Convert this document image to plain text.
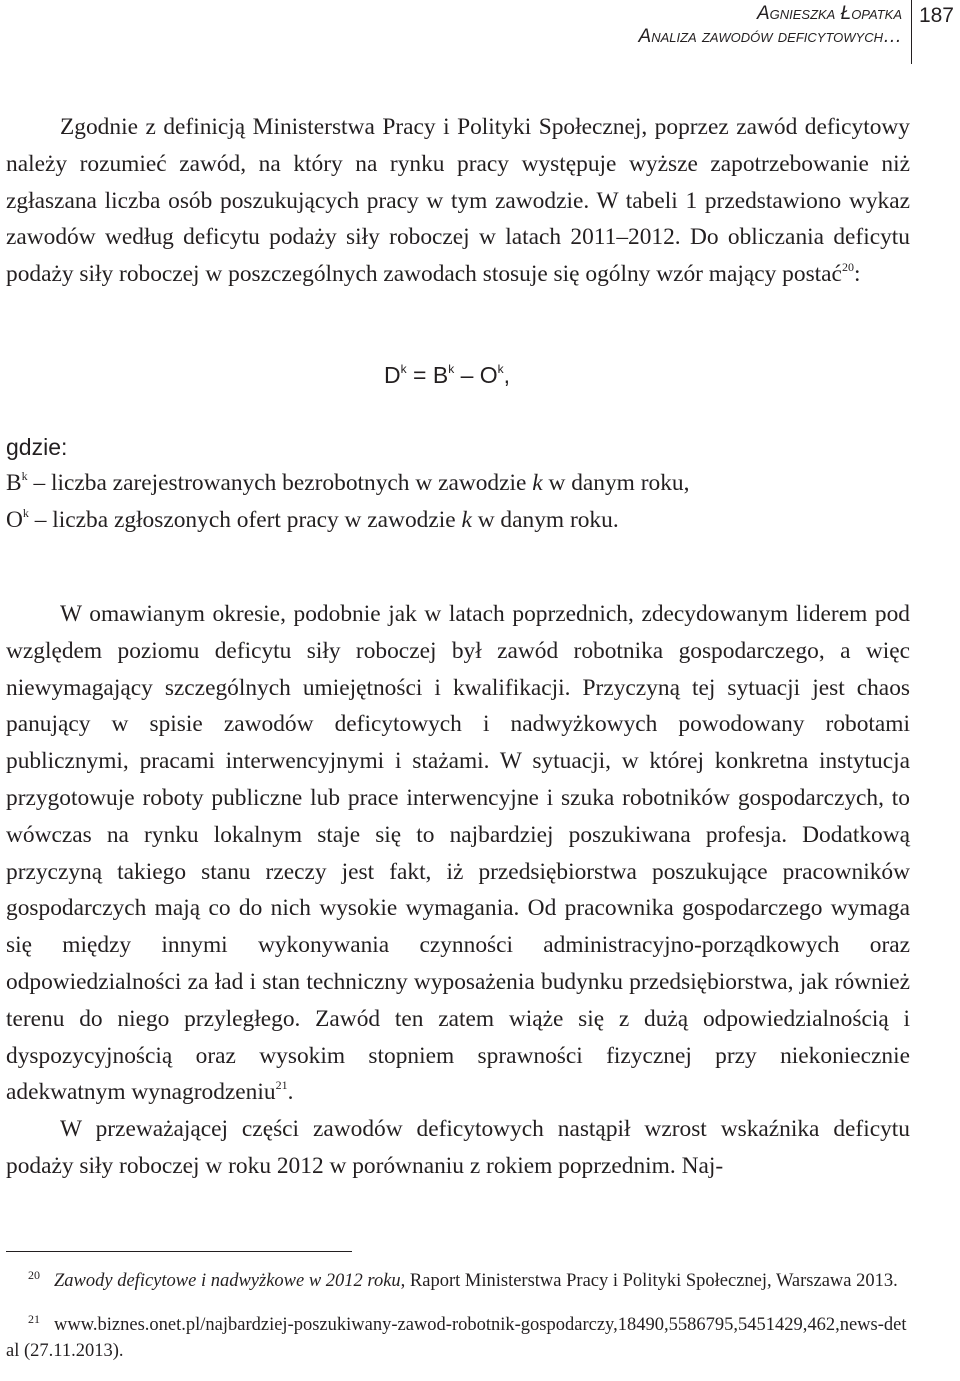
Agnieszka Łopatka
Analiza zawodów deficytowych…
187

Zgodnie z definicją Ministerstwa Pracy i Polityki Społecznej, poprzez zawód deficytowy należy rozumieć zawód, na który na rynku pracy występuje wyższe zapotrzebowanie niż zgłaszana liczba osób poszukujących pracy w tym zawodzie. W tabeli 1 przedstawiono wykaz zawodów według deficytu podaży siły roboczej w latach 2011–2012. Do obliczania deficytu podaży siły roboczej w poszczególnych zawodach stosuje się ogólny wzór mający postać$^{20}$:

$D^k = B^k - O^k$,
gdzie:
$B^k$ – liczba zarejestrowanych bezrobotnych w zawodzie k w danym roku,
$O^k$ – liczba zgłoszonych ofert pracy w zawodzie k w danym roku.

W omawianym okresie, podobnie jak w latach poprzednich, zdecydowanym liderem pod względem poziomu deficytu siły roboczej był zawód robotnika gospodarczego, a więc niewymagający szczególnych umiejętności i kwalifikacji. Przyczyną tej sytuacji jest chaos panujący w spisie zawodów deficytowych i nadwyżkowych powodowany robotami publicznymi, pracami interwencyjnymi i stażami. W sytuacji, w której konkretna instytucja przygotowuje roboty publiczne lub prace interwencyjne i szuka robotników gospodarczych, to wówczas na rynku lokalnym staje się to najbardziej poszukiwana profesja. Dodatkową przyczyną takiego stanu rzeczy jest fakt, iż przedsiębiorstwa poszukujące pracowników gospodarczych mają co do nich wysokie wymagania. Od pracownika gospodarczego wymaga się między innymi wykonywania czynności administracyjno-porządkowych oraz odpowiedzialności za ład i stan techniczny wyposażenia budynku przedsiębiorstwa, jak również terenu do niego przyległego. Zawód ten zatem wiąże się z dużą odpowiedzialnością i dyspozycyjnością oraz wysokim stopniem sprawności fizycznej przy niekoniecznie adekwatnym wynagrodzeniu$^{21}$.

W przeważającej części zawodów deficytowych nastąpił wzrost wskaźnika deficytu podaży siły roboczej w roku 2012 w porównaniu z rokiem poprzednim. Naj-

20 Zawody deficytowe i nadwyżkowe w 2012 roku, Raport Ministerstwa Pracy i Polityki Społecznej, Warszawa 2013.
21 www.biznes.onet.pl/najbardziej-poszukiwany-zawod-robotnik-gospodarczy,18490,5586795,5451429,462,news-detal (27.11.2013).
